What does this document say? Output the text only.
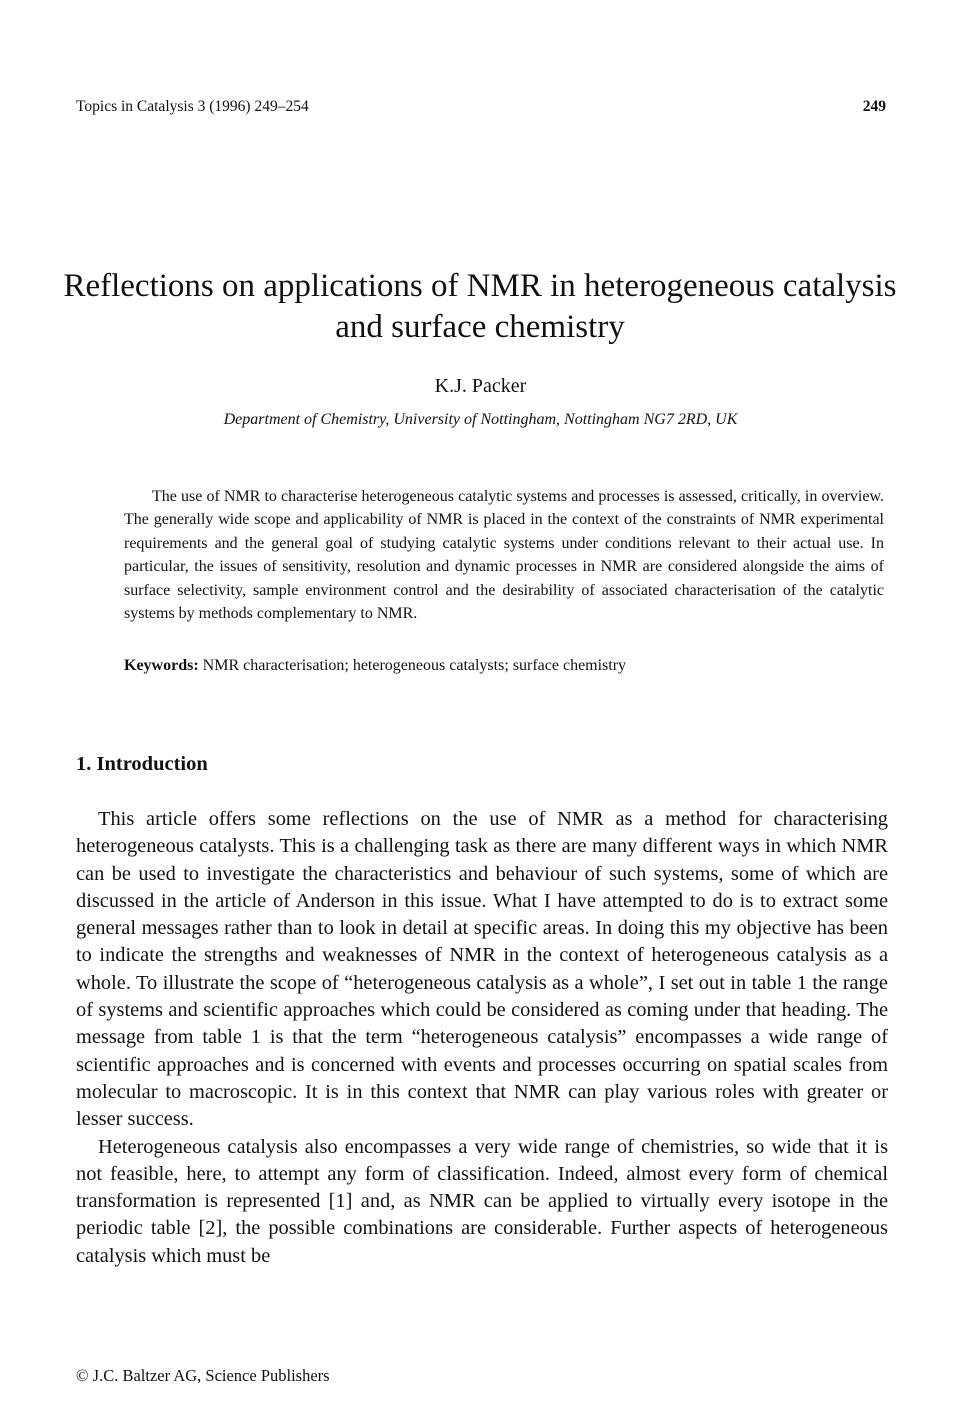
Topics in Catalysis 3 (1996) 249–254	249
Reflections on applications of NMR in heterogeneous catalysis and surface chemistry
K.J. Packer
Department of Chemistry, University of Nottingham, Nottingham NG7 2RD, UK

The use of NMR to characterise heterogeneous catalytic systems and processes is assessed, critically, in overview. The generally wide scope and applicability of NMR is placed in the context of the constraints of NMR experimental requirements and the general goal of studying catalytic systems under conditions relevant to their actual use. In particular, the issues of sensitivity, resolution and dynamic processes in NMR are considered alongside the aims of surface selectivity, sample environment control and the desirability of associated characterisation of the catalytic systems by methods complementary to NMR.

Keywords: NMR characterisation; heterogeneous catalysts; surface chemistry

1. Introduction

This article offers some reflections on the use of NMR as a method for characterising heterogeneous catalysts. This is a challenging task as there are many different ways in which NMR can be used to investigate the characteristics and behaviour of such systems, some of which are discussed in the article of Anderson in this issue. What I have attempted to do is to extract some general messages rather than to look in detail at specific areas. In doing this my objective has been to indicate the strengths and weaknesses of NMR in the context of heterogeneous catalysis as a whole. To illustrate the scope of “heterogeneous catalysis as a whole”, I set out in table 1 the range of systems and scientific approaches which could be considered as coming under that heading. The message from table 1 is that the term “heterogeneous catalysis” encompasses a wide range of scientific approaches and is concerned with events and processes occurring on spatial scales from molecular to macroscopic. It is in this context that NMR can play various roles with greater or lesser success.

Heterogeneous catalysis also encompasses a very wide range of chemistries, so wide that it is not feasible, here, to attempt any form of classification. Indeed, almost every form of chemical transformation is represented [1] and, as NMR can be applied to virtually every isotope in the periodic table [2], the possible combinations are considerable. Further aspects of heterogeneous catalysis which must be

© J.C. Baltzer AG, Science Publishers
